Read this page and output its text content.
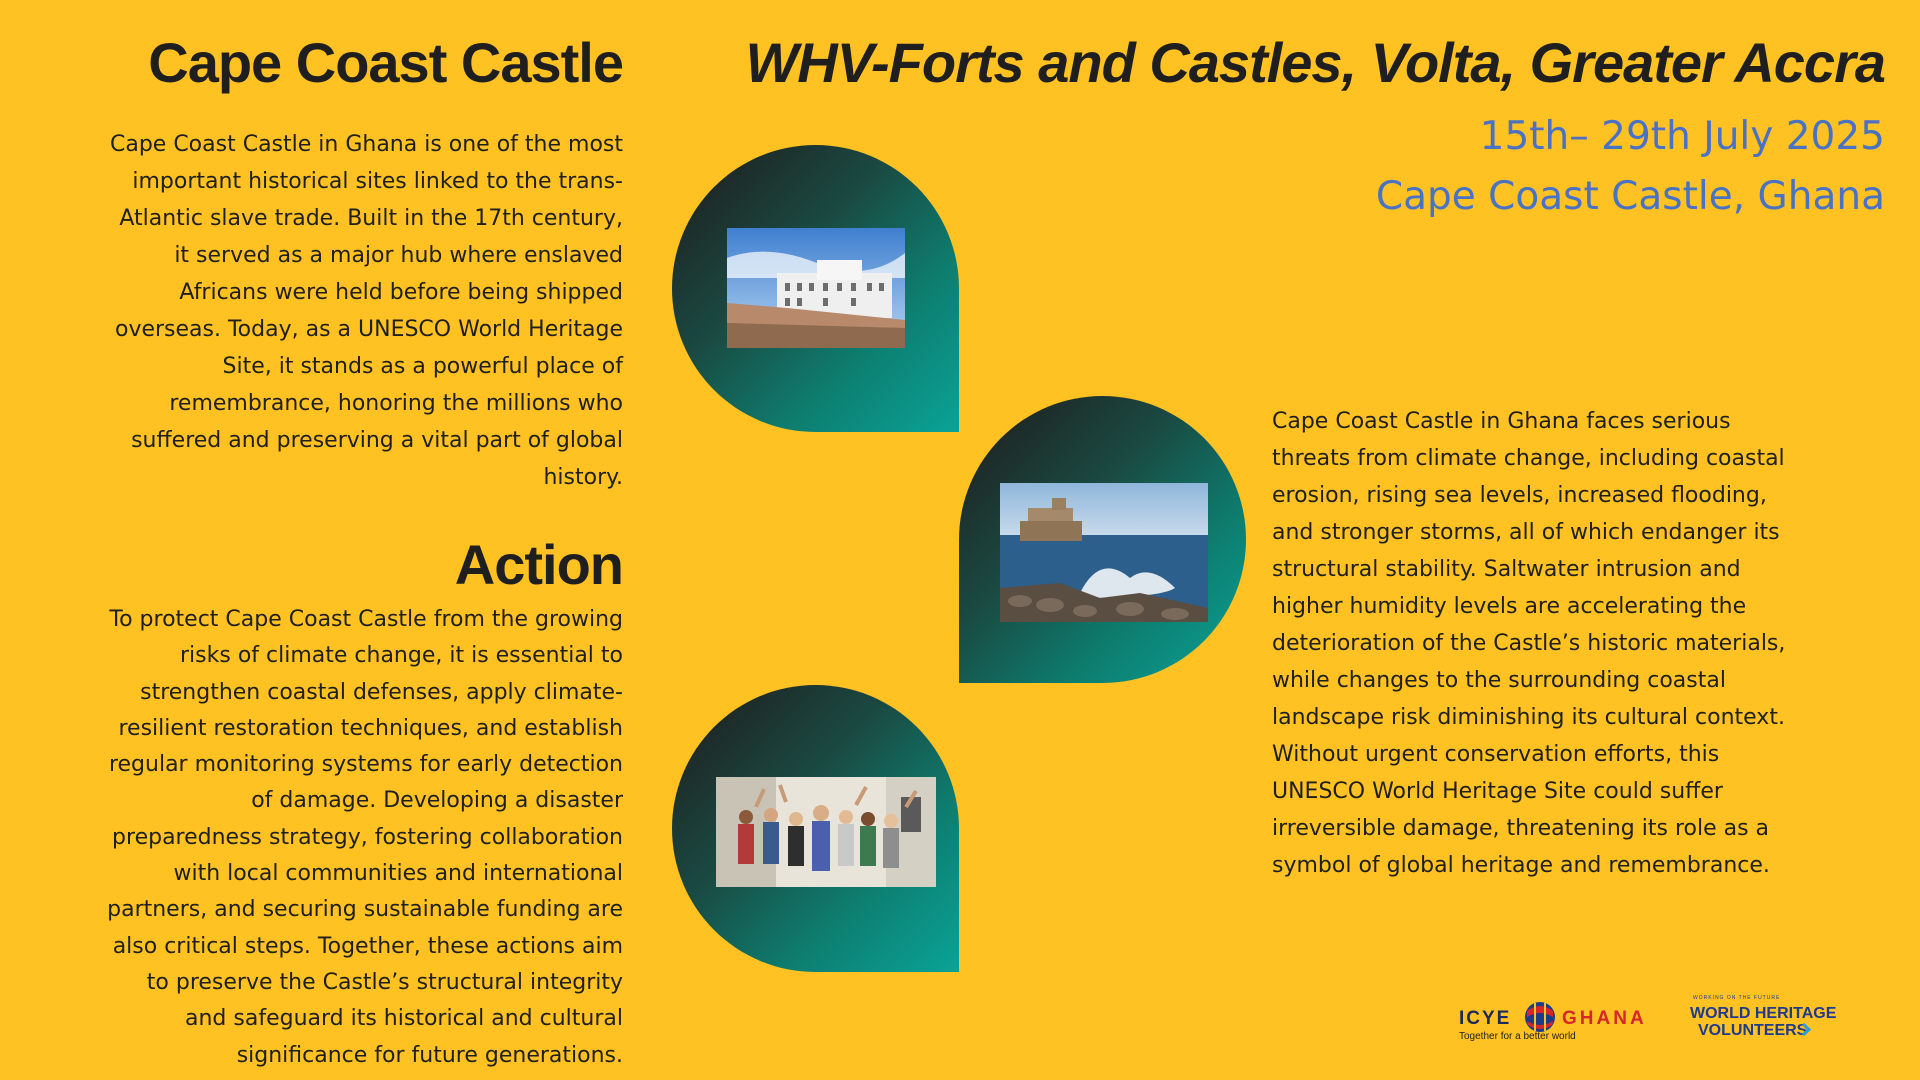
Cape Coast Castle WHV-Forts and Castles, Volta, Greater Accra
15th– 29th July 2025
Cape Coast Castle, Ghana

Cape Coast Castle in Ghana is one of the most important historical sites linked to the trans-Atlantic slave trade. Built in the 17th century, it served as a major hub where enslaved Africans were held before being shipped overseas. Today, as a UNESCO World Heritage Site, it stands as a powerful place of remembrance, honoring the millions who suffered and preserving a vital part of global history.

Action

To protect Cape Coast Castle from the growing risks of climate change, it is essential to strengthen coastal defenses, apply climate-resilient restoration techniques, and establish regular monitoring systems for early detection of damage. Developing a disaster preparedness strategy, fostering collaboration with local communities and international partners, and securing sustainable funding are also critical steps. Together, these actions aim to preserve the Castle’s structural integrity and safeguard its historical and cultural significance for future generations.

Cape Coast Castle in Ghana faces serious threats from climate change, including coastal erosion, rising sea levels, increased flooding, and stronger storms, all of which endanger its structural stability. Saltwater intrusion and higher humidity levels are accelerating the deterioration of the Castle’s historic materials, while changes to the surrounding coastal landscape risk diminishing its cultural context. Without urgent conservation efforts, this UNESCO World Heritage Site could suffer irreversible damage, threatening its role as a symbol of global heritage and remembrance.

ICYE	GHANA
Together for a better world
WORKING ON THE FUTURE
WORLD HERITAGE
VOLUNTEERS
